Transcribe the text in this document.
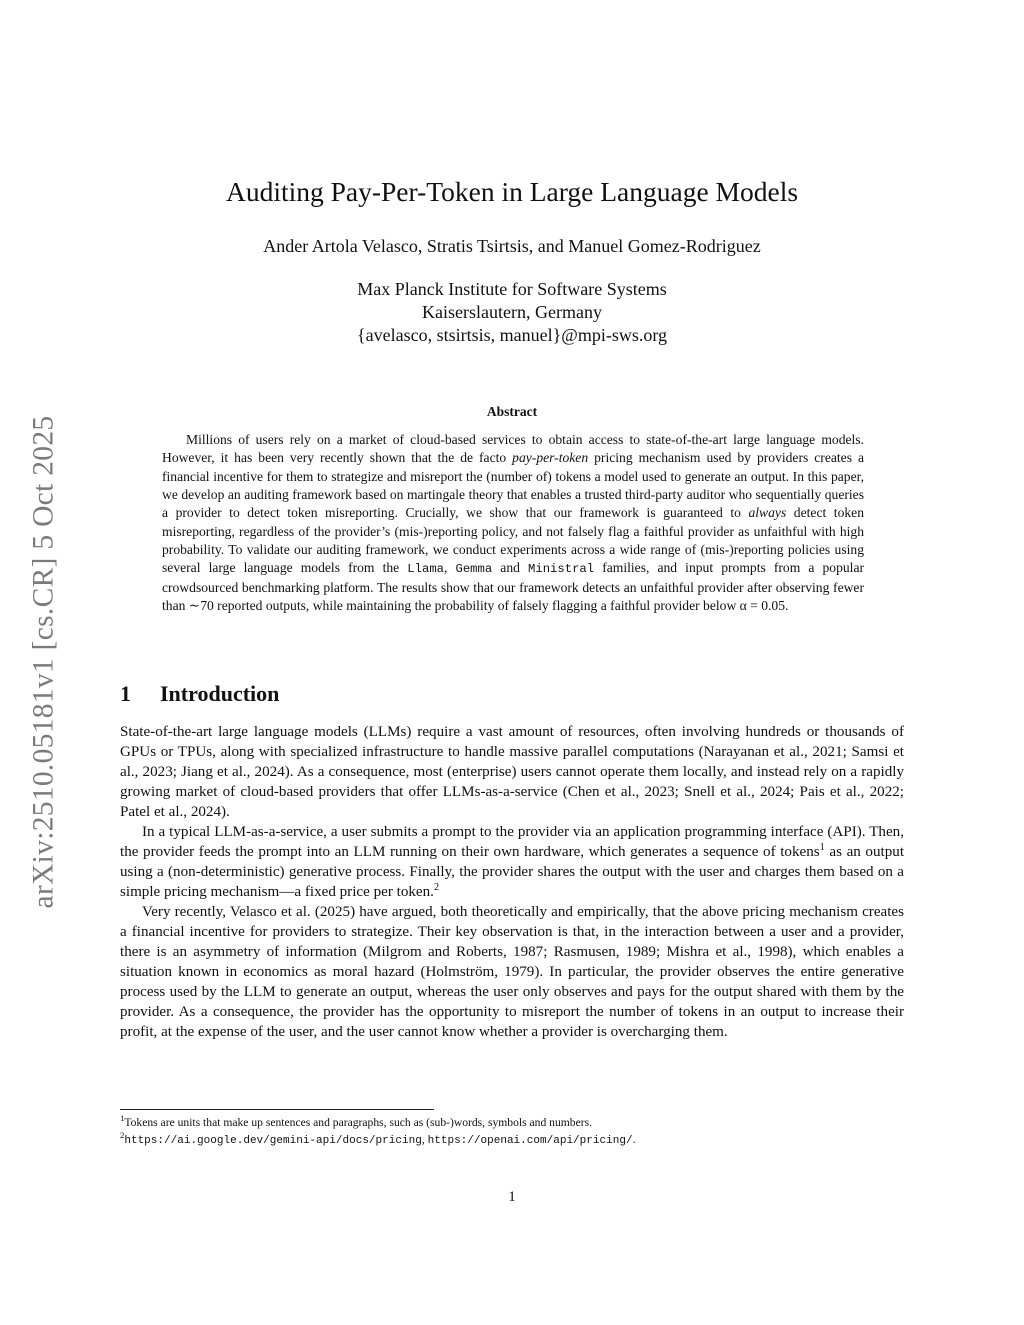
arXiv:2510.05181v1 [cs.CR] 5 Oct 2025
Auditing Pay-Per-Token in Large Language Models
Ander Artola Velasco, Stratis Tsirtsis, and Manuel Gomez-Rodriguez
Max Planck Institute for Software Systems
Kaiserslautern, Germany
{avelasco, stsirtsis, manuel}@mpi-sws.org
Abstract
Millions of users rely on a market of cloud-based services to obtain access to state-of-the-art large language models. However, it has been very recently shown that the de facto pay-per-token pricing mechanism used by providers creates a financial incentive for them to strategize and misreport the (number of) tokens a model used to generate an output. In this paper, we develop an auditing framework based on martingale theory that enables a trusted third-party auditor who sequentially queries a provider to detect token misreporting. Crucially, we show that our framework is guaranteed to always detect token misreporting, regardless of the provider’s (mis-)reporting policy, and not falsely flag a faithful provider as unfaithful with high probability. To validate our auditing framework, we conduct experiments across a wide range of (mis-)reporting policies using several large language models from the Llama, Gemma and Ministral families, and input prompts from a popular crowdsourced benchmarking platform. The results show that our framework detects an unfaithful provider after observing fewer than ∼70 reported outputs, while maintaining the probability of falsely flagging a faithful provider below α = 0.05.
1 Introduction

State-of-the-art large language models (LLMs) require a vast amount of resources, often involving hundreds or thousands of GPUs or TPUs, along with specialized infrastructure to handle massive parallel computations (Narayanan et al., 2021; Samsi et al., 2023; Jiang et al., 2024). As a consequence, most (enterprise) users cannot operate them locally, and instead rely on a rapidly growing market of cloud-based providers that offer LLMs-as-a-service (Chen et al., 2023; Snell et al., 2024; Pais et al., 2022; Patel et al., 2024).

In a typical LLM-as-a-service, a user submits a prompt to the provider via an application programming interface (API). Then, the provider feeds the prompt into an LLM running on their own hardware, which generates a sequence of tokens$^1$ as an output using a (non-deterministic) generative process. Finally, the provider shares the output with the user and charges them based on a simple pricing mechanism—a fixed price per token.$^2$

Very recently, Velasco et al. (2025) have argued, both theoretically and empirically, that the above pricing mechanism creates a financial incentive for providers to strategize. Their key observation is that, in the interaction between a user and a provider, there is an asymmetry of information (Milgrom and Roberts, 1987; Rasmusen, 1989; Mishra et al., 1998), which enables a situation known in economics as moral hazard (Holmström, 1979). In particular, the provider observes the entire generative process used by the LLM to generate an output, whereas the user only observes and pays for the output shared with them by the provider. As a consequence, the provider has the opportunity to misreport the number of tokens in an output to increase their profit, at the expense of the user, and the user cannot know whether a provider is overcharging them.

$^1$Tokens are units that make up sentences and paragraphs, such as (sub-)words, symbols and numbers.
$^2$https://ai.google.dev/gemini-api/docs/pricing, https://openai.com/api/pricing/.
1
